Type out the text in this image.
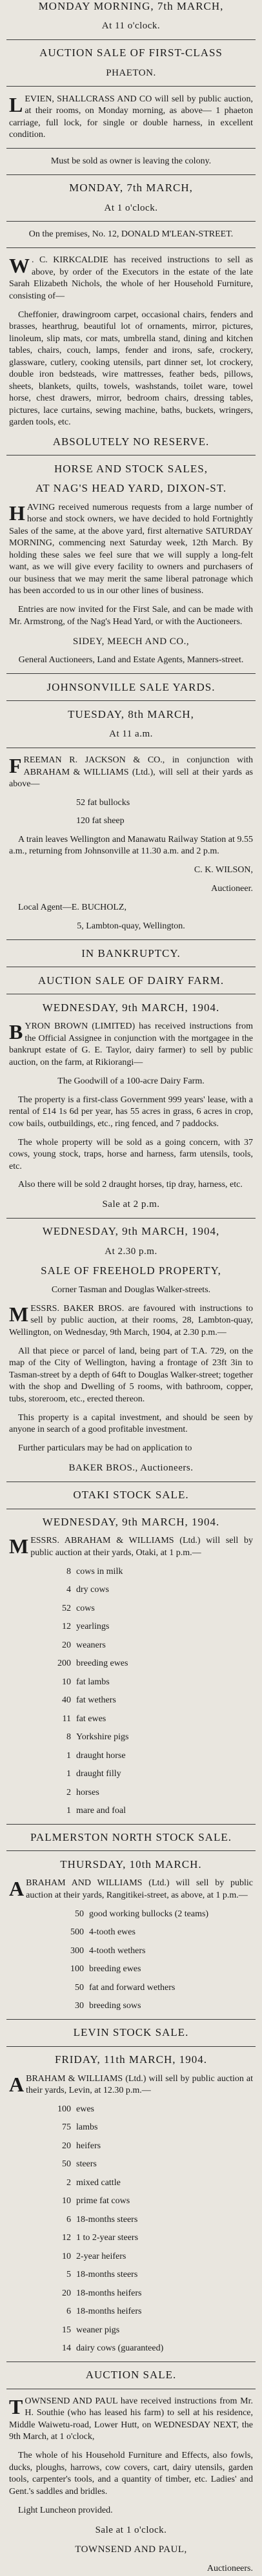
MONDAY MORNING, 7th MARCH,
At 11 o'clock.
AUCTION SALE OF FIRST-CLASS
PHAETON.
LEVIEN, SHALLCRASS AND CO will sell by public auction, at their rooms, on Monday morning, as above— 1 phaeton carriage, full lock, for single or double harness, in excellent condition.
Must be sold as owner is leaving the colony.
MONDAY, 7th MARCH,
At 1 o'clock.
On the premises, No. 12, DONALD M'LEAN-STREET.
W . C. KIRKCALDIE has received instructions to sell as above, by order of the Executors in the estate of the late Sarah Elizabeth Nichols, the whole of her Household Furniture, consisting of—
Cheffonier, drawingroom carpet, occasional chairs, fenders and brasses, hearthrug, beautiful lot of ornaments, mirror, pictures, linoleum, slip mats, cor mats, umbrella stand, dining and kitchen tables, chairs, couch, lamps, fender and irons, safe, crockery, glassware, cutlery, cooking utensils, part dinner set, lot crockery, double iron bedsteads, wire mattresses, feather beds, pillows, sheets, blankets, quilts, towels, washstands, toilet ware, towel horse, chest drawers, mirror, bedroom chairs, dressing tables, pictures, lace curtains, sewing machine, baths, buckets, wringers, garden tools, etc.
ABSOLUTELY NO RESERVE.
HORSE AND STOCK SALES,
AT NAG'S HEAD YARD, DIXON-ST.
HAVING received numerous requests from a large number of horse and stock owners, we have decided to hold Fortnightly Sales of the same, at the above yard, first alternative SATURDAY MORNING, commencing next Saturday week, 12th March. By holding these sales we feel sure that we will supply a long-felt want, as we will give every facility to owners and purchasers of our business that we may merit the same liberal patronage which has been accorded to us in our other lines of business.
Entries are now invited for the First Sale, and can be made with Mr. Armstrong, of the Nag's Head Yard, or with the Auctioneers.
SIDEY, MEECH AND CO.,
General Auctioneers, Land and Estate Agents, Manners-street.
JOHNSONVILLE SALE YARDS.
TUESDAY, 8th MARCH,
At 11 a.m.
FREEMAN R. JACKSON & CO., in conjunction with ABRAHAM & WILLIAMS (Ltd.), will sell at their yards as above—
52 fat bullocks
120 fat sheep
A train leaves Wellington and Manawatu Railway Station at 9.55 a.m., returning from Johnsonville at 11.30 a.m. and 2 p.m.
C. K. WILSON,
Auctioneer.
Local Agent—E. BUCHOLZ,
5, Lambton-quay, Wellington.
IN BANKRUPTCY.
AUCTION SALE OF DAIRY FARM.
WEDNESDAY, 9th MARCH, 1904.
BYRON BROWN (LIMITED) has received instructions from the Official Assignee in conjunction with the mortgagee in the bankrupt estate of G. E. Taylor, dairy farmer) to sell by public auction, on the farm, at Rikiorangi—
The Goodwill of a 100-acre Dairy Farm.
The property is a first-class Government 999 years' lease, with a rental of £14 1s 6d per year, has 55 acres in grass, 6 acres in crop, cow bails, outbuildings, etc., ring fenced, and 7 paddocks.
The whole property will be sold as a going concern, with 37 cows, young stock, traps, horse and harness, farm utensils, tools, etc.
Also there will be sold 2 draught horses, tip dray, harness, etc.
Sale at 2 p.m.
WEDNESDAY, 9th MARCH, 1904,
At 2.30 p.m.
SALE OF FREEHOLD PROPERTY,
Corner Tasman and Douglas Walker-streets.
MESSRS. BAKER BROS. are favoured with instructions to sell by public auction, at their rooms, 28, Lambton-quay, Wellington, on Wednesday, 9th March, 1904, at 2.30 p.m.—
All that piece or parcel of land, being part of T.A. 729, on the map of the City of Wellington, having a frontage of 23ft 3in to Tasman-street by a depth of 64ft to Douglas Walker-street; together with the shop and Dwelling of 5 rooms, with bathroom, copper, tubs, storeroom, etc., erected thereon.
This property is a capital investment, and should be seen by anyone in search of a good profitable investment.
Further particulars may be had on application to
BAKER BROS., Auctioneers.
OTAKI STOCK SALE.
WEDNESDAY, 9th MARCH, 1904.
MESSRS. ABRAHAM & WILLIAMS (Ltd.) will sell by public auction at their yards, Otaki, at 1 p.m.—
8 cows in milk
4 dry cows
52 cows
12 yearlings
20 weaners
200 breeding ewes
10 fat lambs
40 fat wethers
11 fat ewes
8 Yorkshire pigs
1 draught horse
1 draught filly
2 horses
1 mare and foal
PALMERSTON NORTH STOCK SALE.
THURSDAY, 10th MARCH.
ABRAHAM AND WILLIAMS (Ltd.) will sell by public auction at their yards, Rangitikei-street, as above, at 1 p.m.—
50 good working bullocks (2 teams)
500 4-tooth ewes
300 4-tooth wethers
100 breeding ewes
50 fat and forward wethers
30 breeding sows
LEVIN STOCK SALE.
FRIDAY, 11th MARCH, 1904.
ABRAHAM & WILLIAMS (Ltd.) will sell by public auction at their yards, Levin, at 12.30 p.m.—
100 ewes
75 lambs
20 heifers
50 steers
2 mixed cattle
10 prime fat cows
6 18-months steers
12 1 to 2-year steers
10 2-year heifers
5 18-months steers
20 18-months heifers
6 18-months heifers
15 weaner pigs
14 dairy cows (guaranteed)
AUCTION SALE.
TOWNSEND AND PAUL have received instructions from Mr. H. Southie (who has leased his farm) to sell at his residence, Middle Waiwetu-road, Lower Hutt, on WEDNESDAY NEXT, the 9th March, at 1 o'clock,
The whole of his Household Furniture and Effects, also fowls, ducks, ploughs, harrows, cow covers, cart, dairy utensils, garden tools, carpenter's tools, and a quantity of timber, etc. Ladies' and Gent.'s saddles and bridles.
Light Luncheon provided.
Sale at 1 o'clock.
TOWNSEND AND PAUL,
Auctioneers.
